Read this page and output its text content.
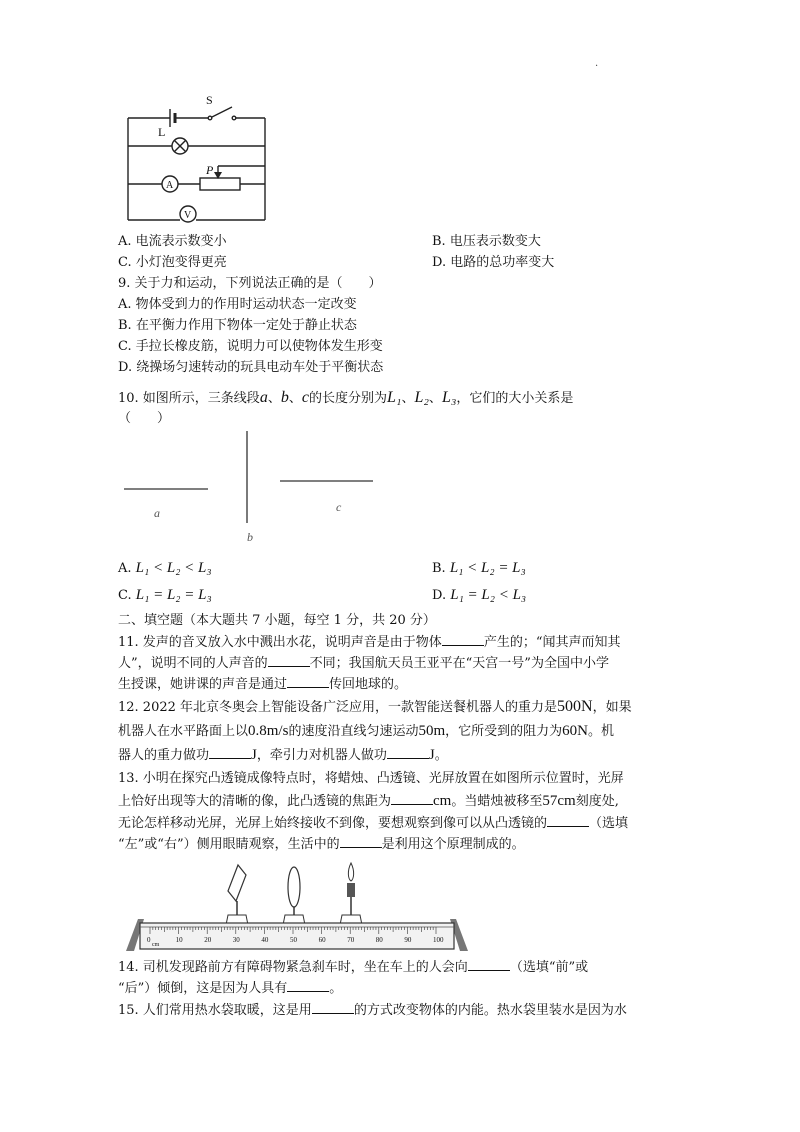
.
S
L
A
P
V
A. 电流表示数变小	B. 电压表示数变大
C. 小灯泡变得更亮	D. 电路的总功率变大
9. 关于力和运动，下列说法正确的是（　　）
A. 物体受到力的作用时运动状态一定改变
B. 在平衡力作用下物体一定处于静止状态
C. 手拉长橡皮筋，说明力可以使物体发生形变
D. 绕操场匀速转动的玩具电动车处于平衡状态
10. 如图所示，三条线段a、b、c的长度分别为L₁、L₂、L₃，它们的大小关系是
（　　）
a
b
c
A. L₁ < L₂ < L₃	B. L₁ < L₂ = L₃
C. L₁ = L₂ = L₃	D. L₁ = L₂ < L₃
二、填空题（本大题共 7 小题，每空 1 分，共 20 分）
11. 发声的音叉放入水中溅出水花，说明声音是由于物体	产生的；“闻其声而知其
人”，说明不同的人声音的	不同；我国航天员王亚平在“天宫一号”为全国中小学
生授课，她讲课的声音是通过	传回地球的。
12. 2022 年北京冬奥会上智能设备广泛应用，一款智能送餐机器人的重力是500N，如果
机器人在水平路面上以0.8m/s的速度沿直线匀速运动50m，它所受到的阻力为60N。机
器人的重力做功	J，牵引力对机器人做功	J。
13. 小明在探究凸透镜成像特点时，将蜡烛、凸透镜、光屏放置在如图所示位置时，光屏
上恰好出现等大的清晰的像，此凸透镜的焦距为	cm。当蜡烛被移至57cm刻度处,
无论怎样移动光屏，光屏上始终接收不到像，要想观察到像可以从凸透镜的	（选填
“左”或“右”）侧用眼睛观察，生活中的	是利用这个原理制成的。
0	10	20	30	40	50	60	70	80	90	100
cm
14. 司机发现路前方有障碍物紧急刹车时，坐在车上的人会向	（选填“前”或
“后”）倾倒，这是因为人具有	。
15. 人们常用热水袋取暖，这是用	的方式改变物体的内能。热水袋里装水是因为水
